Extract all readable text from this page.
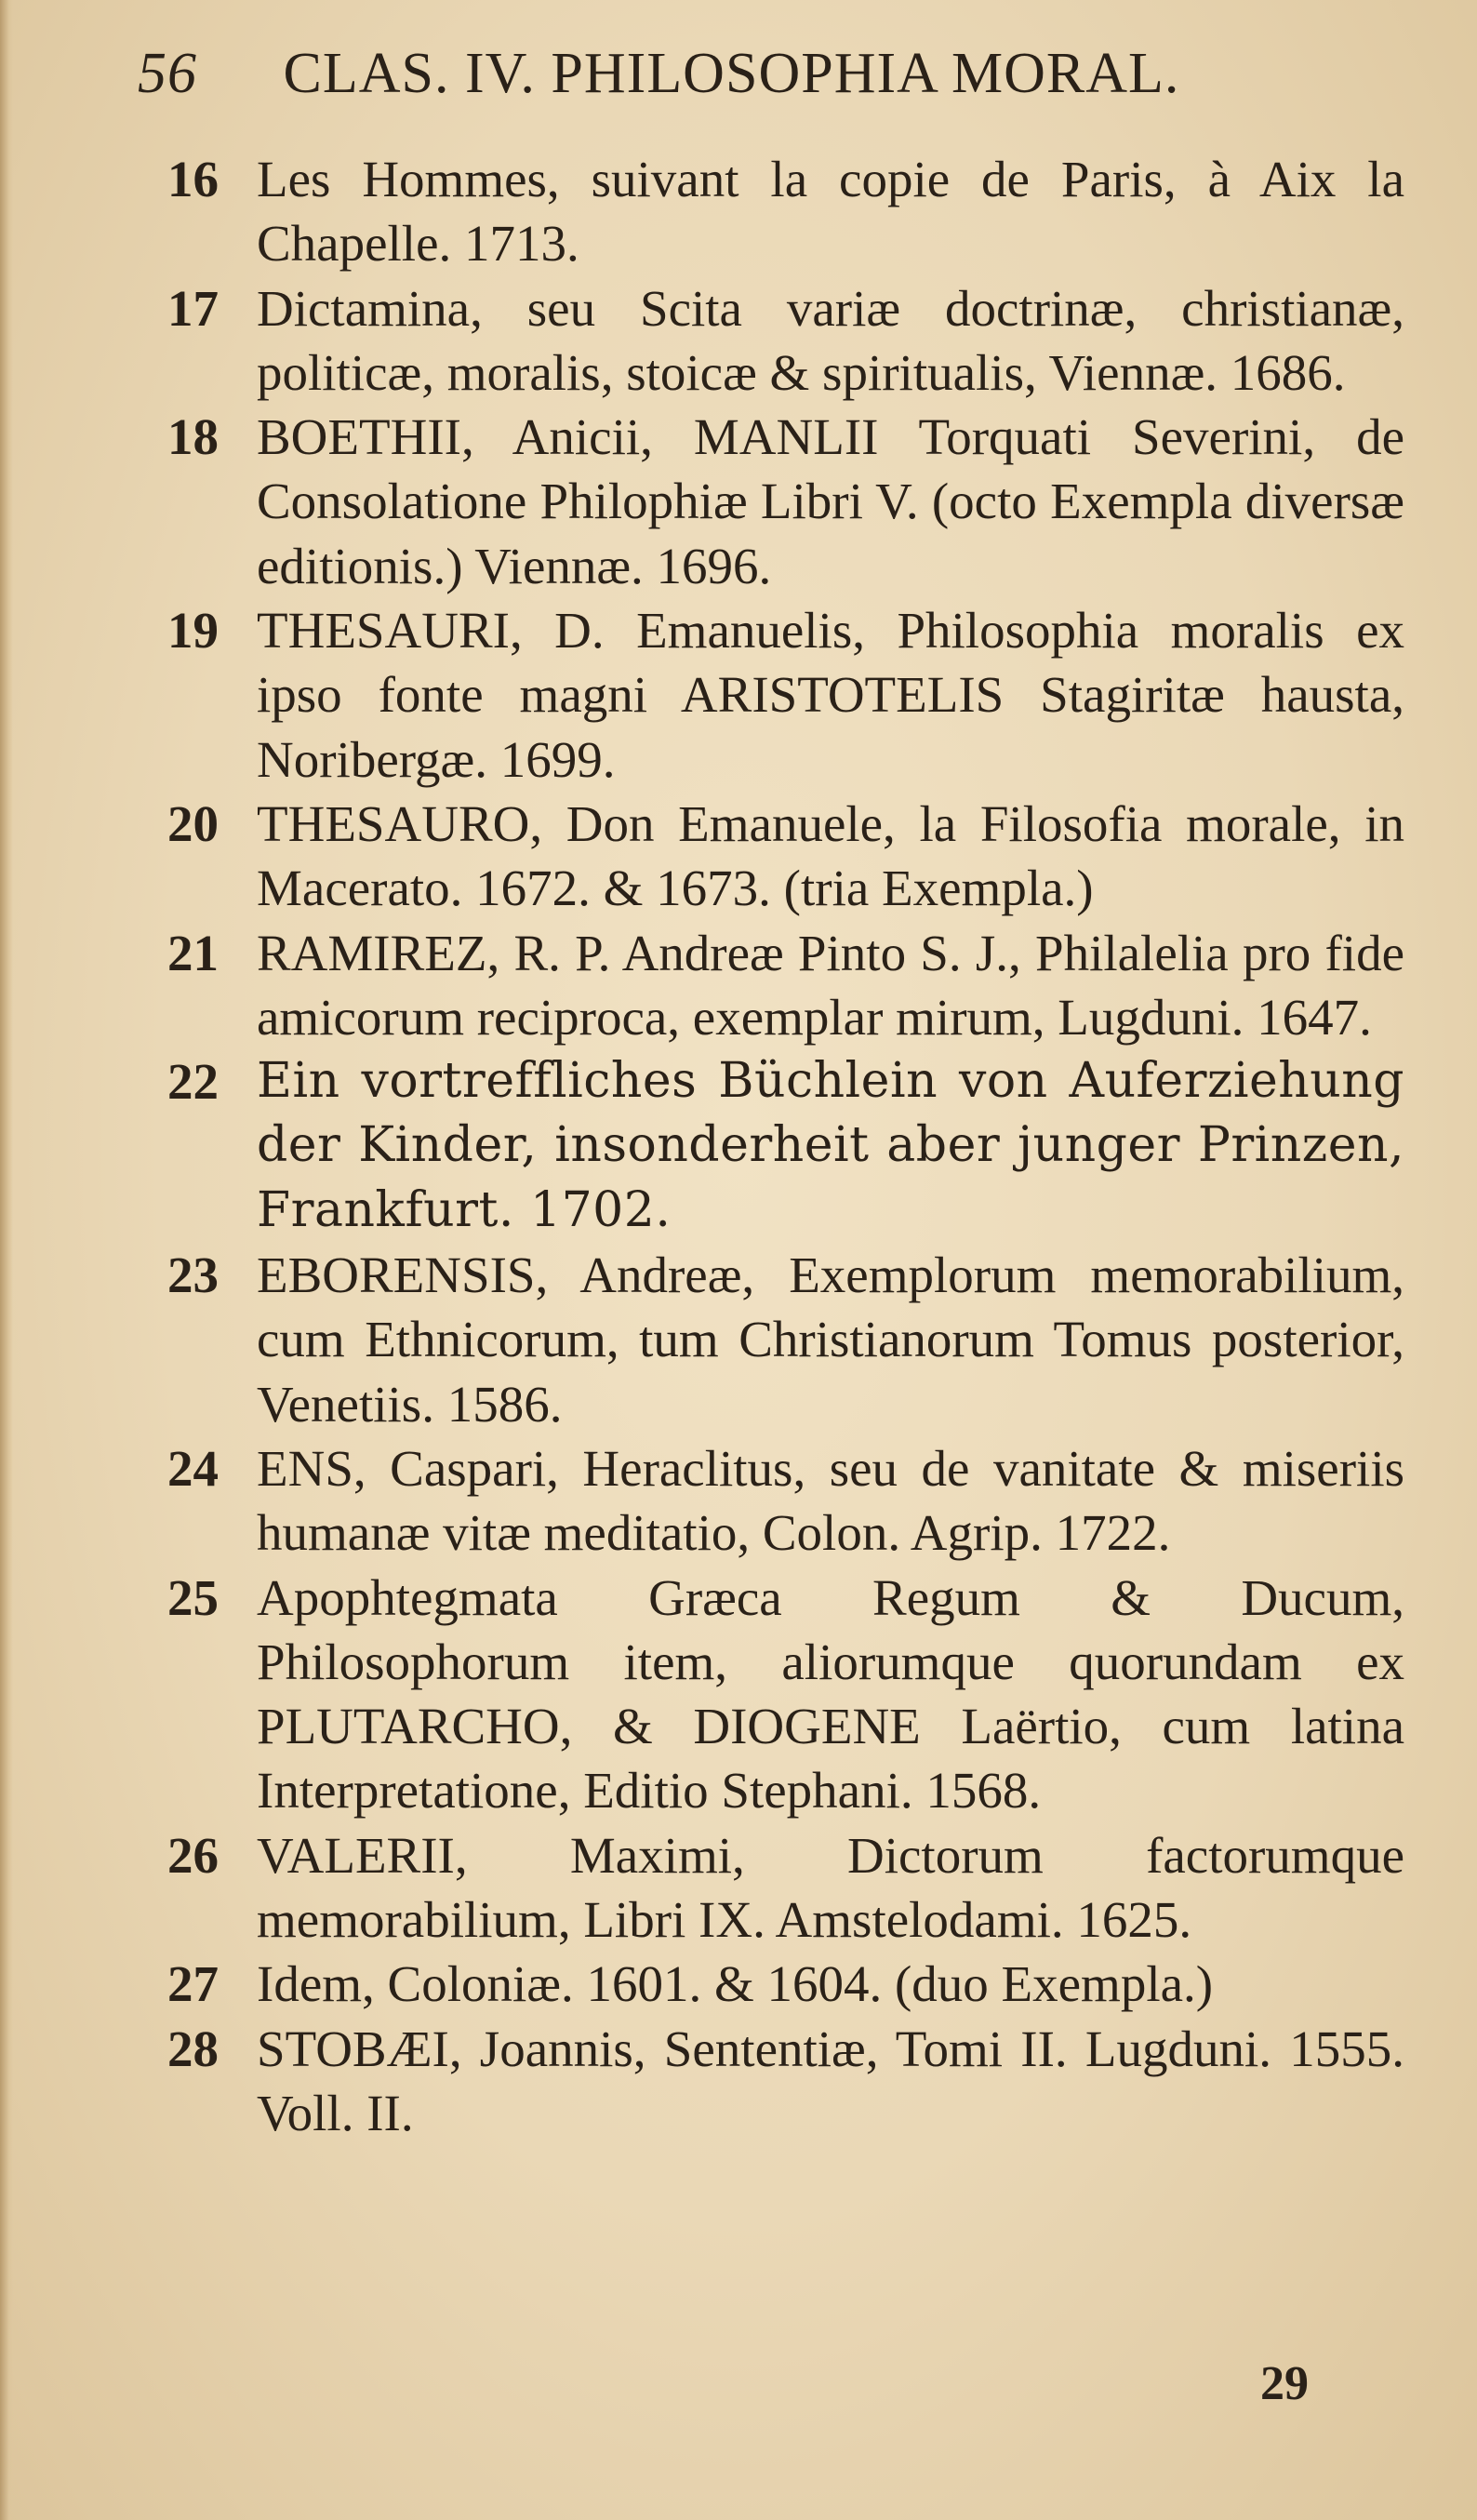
56 CLAS. IV. PHILOSOPHIA MORAL.
16 Les Hommes, suivant la copie de Paris, à Aix la Chapelle. 1713.
17 Dictamina, seu Scita variæ doctrinæ, christianæ, politicæ, moralis, stoicæ & spiritualis, Viennæ. 1686.
18 BOETHII, Anicii, MANLII Torquati Severini, de Consolatione Philophiæ Libri V. (octo Exempla diversæ editionis.) Viennæ. 1696.
19 THESAURI, D. Emanuelis, Philosophia moralis ex ipso fonte magni ARISTOTELIS Stagiritæ hausta, Noribergæ. 1699.
20 THESAURO, Don Emanuele, la Filosofia morale, in Macerato. 1672. & 1673. (tria Exempla.)
21 RAMIREZ, R. P. Andreæ Pinto S. J., Philalelia pro fide amicorum reciproca, exemplar mirum, Lugduni. 1647.
22 Ein vortreffliches Büchlein von Auferziehung der Kinder, insonderheit aber junger Prinzen, Frankfurt. 1702.
23 EBORENSIS, Andreæ, Exemplorum memorabilium, cum Ethnicorum, tum Christianorum Tomus posterior, Venetiis. 1586.
24 ENS, Caspari, Heraclitus, seu de vanitate & miseriis humanæ vitæ meditatio, Colon. Agrip. 1722.
25 Apophtegmata Græca Regum & Ducum, Philosophorum item, aliorumque quorundam ex PLUTARCHO, & DIOGENE Laërtio, cum latina Interpretatione, Editio Stephani. 1568.
26 VALERII, Maximi, Dictorum factorumque memorabilium, Libri IX. Amstelodami. 1625.
27 Idem, Coloniæ. 1601. & 1604. (duo Exempla.)
28 STOBÆI, Joannis, Sententiæ, Tomi II. Lugduni. 1555. Voll. II.
29
